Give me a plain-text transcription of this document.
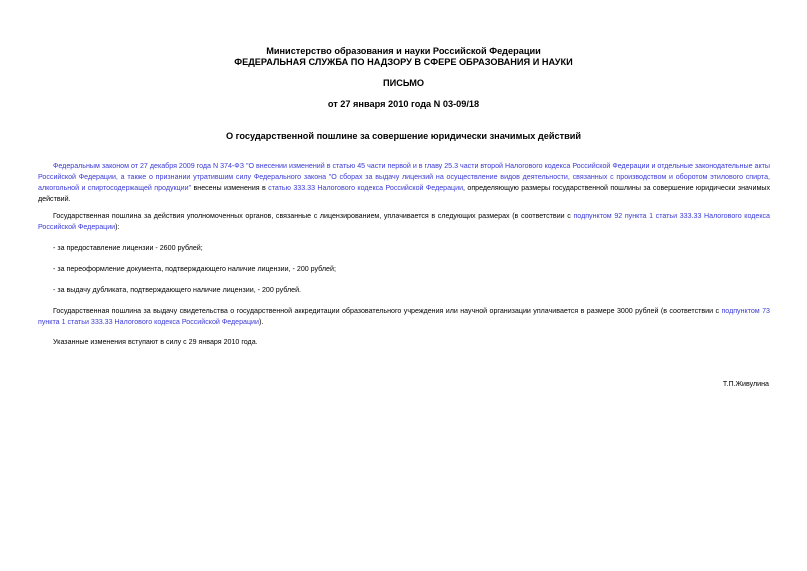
Министерство образования и науки Российской Федерации
ФЕДЕРАЛЬНАЯ СЛУЖБА ПО НАДЗОРУ В СФЕРЕ ОБРАЗОВАНИЯ И НАУКИ
ПИСЬМО
от 27 января 2010 года N 03-09/18
О государственной пошлине за совершение юридически значимых действий

Федеральным законом от 27 декабря 2009 года N 374-ФЗ "О внесении изменений в статью 45 части первой и в главу 25.3 части второй Налогового кодекса Российской Федерации и отдельные законодательные акты Российской Федерации, а также о признании утратившим силу Федерального закона "О сборах за выдачу лицензий на осуществление видов деятельности, связанных с производством и оборотом этилового спирта, алкогольной и спиртосодержащей продукции" внесены изменения в статью 333.33 Налогового кодекса Российской Федерации, определяющую размеры государственной пошлины за совершение юридически значимых действий.

Государственная пошлина за действия уполномоченных органов, связанные с лицензированием, уплачивается в следующих размерах (в соответствии с подпунктом 92 пункта 1 статьи 333.33 Налогового кодекса Российской Федерации):

- за предоставление лицензии - 2600 рублей;

- за переоформление документа, подтверждающего наличие лицензии, - 200 рублей;

- за выдачу дубликата, подтверждающего наличие лицензии, - 200 рублей.

Государственная пошлина за выдачу свидетельства о государственной аккредитации образовательного учреждения или научной организации уплачивается в размере 3000 рублей (в соответствии с подпунктом 73 пункта 1 статьи 333.33 Налогового кодекса Российской Федерации).

Указанные изменения вступают в силу с 29 января 2010 года.

Т.П.Живулина
